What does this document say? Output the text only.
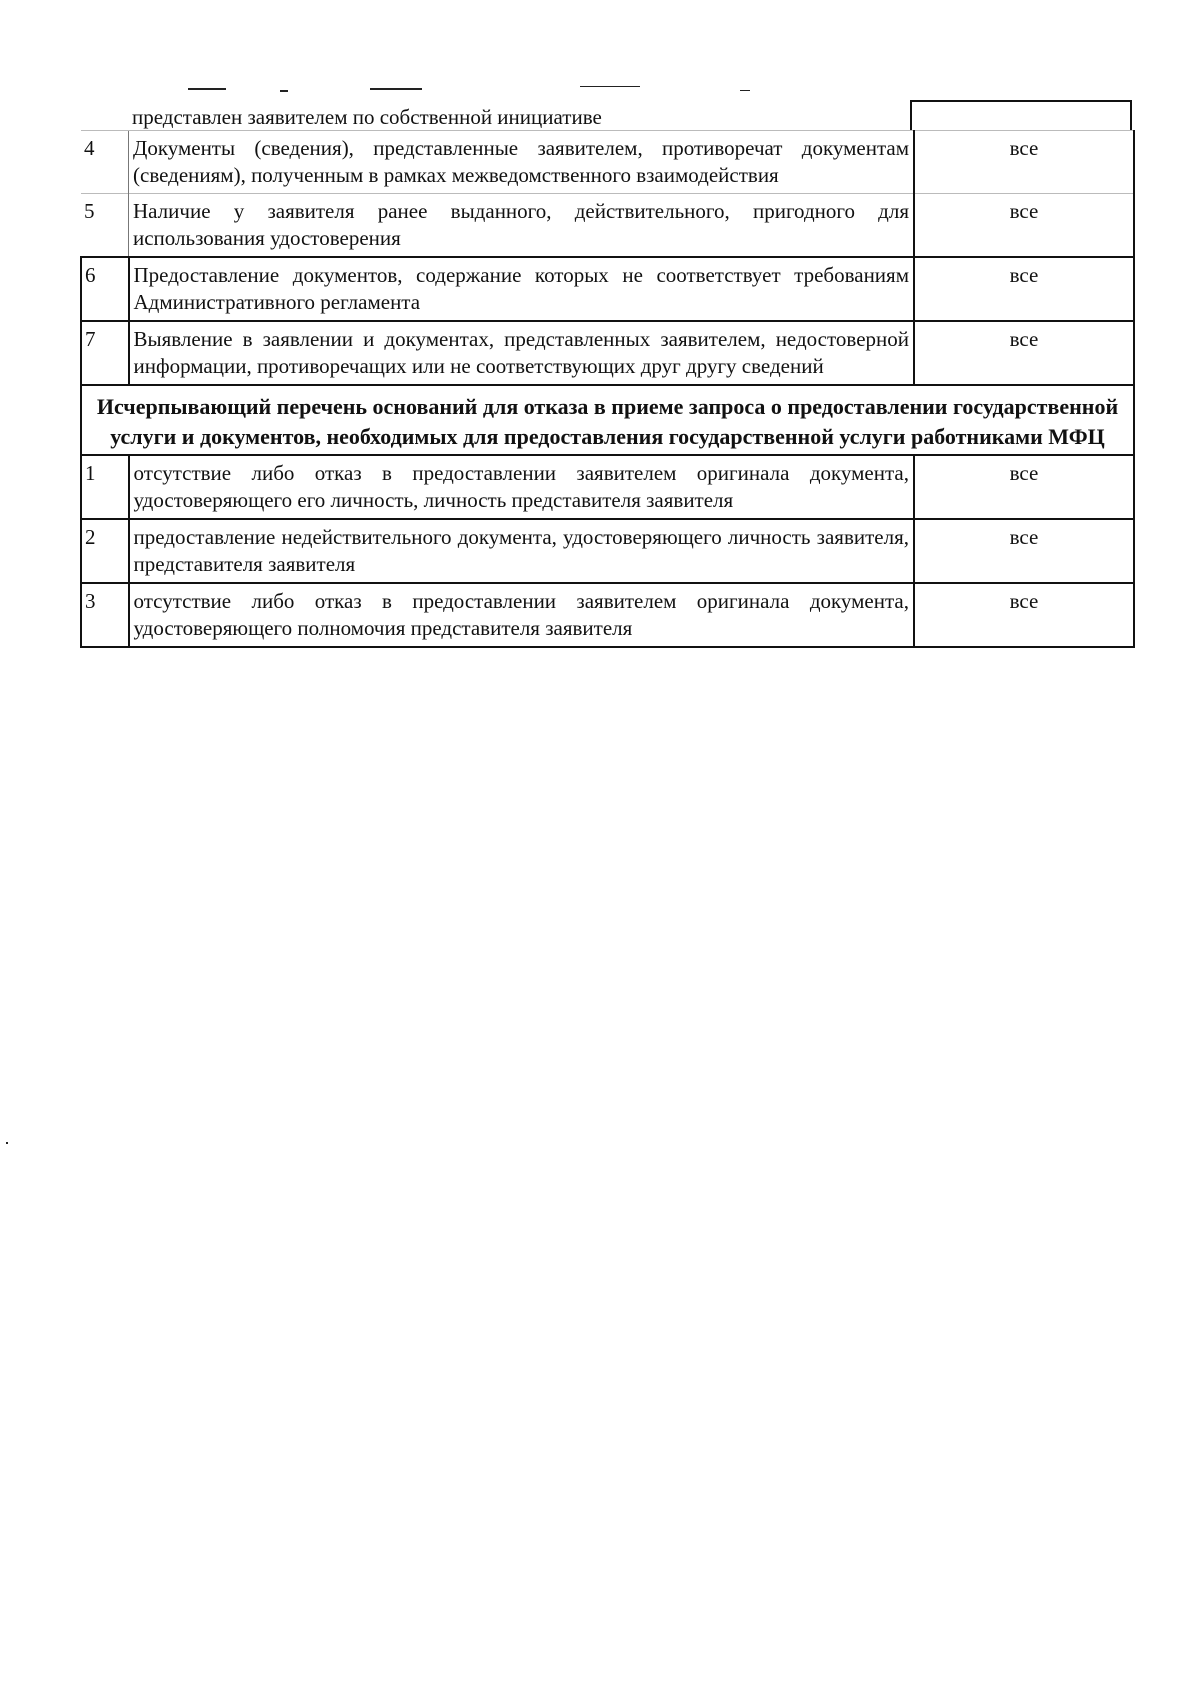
представлен заявителем по собственной инициативе
4	Документы (сведения), представленные заявителем, противоречат документам (сведениям), полученным в рамках межведомственного взаимодействия	все
5	Наличие у заявителя ранее выданного, действительного, пригодного для использования удостоверения	все
6	Предоставление документов, содержание которых не соответствует требованиям Административного регламента	все
7	Выявление в заявлении и документах, представленных заявителем, недостоверной информации, противоречащих или не соответствующих друг другу сведений	все
Исчерпывающий перечень оснований для отказа в приеме запроса о предоставлении государственной услуги и документов, необходимых для предоставления государственной услуги работниками МФЦ		
1	отсутствие либо отказ в предоставлении заявителем оригинала документа, удостоверяющего его личность, личность представителя заявителя	все
2	предоставление недействительного документа, удостоверяющего личность заявителя, представителя заявителя	все
3	отсутствие либо отказ в предоставлении заявителем оригинала документа, удостоверяющего полномочия представителя заявителя	все
